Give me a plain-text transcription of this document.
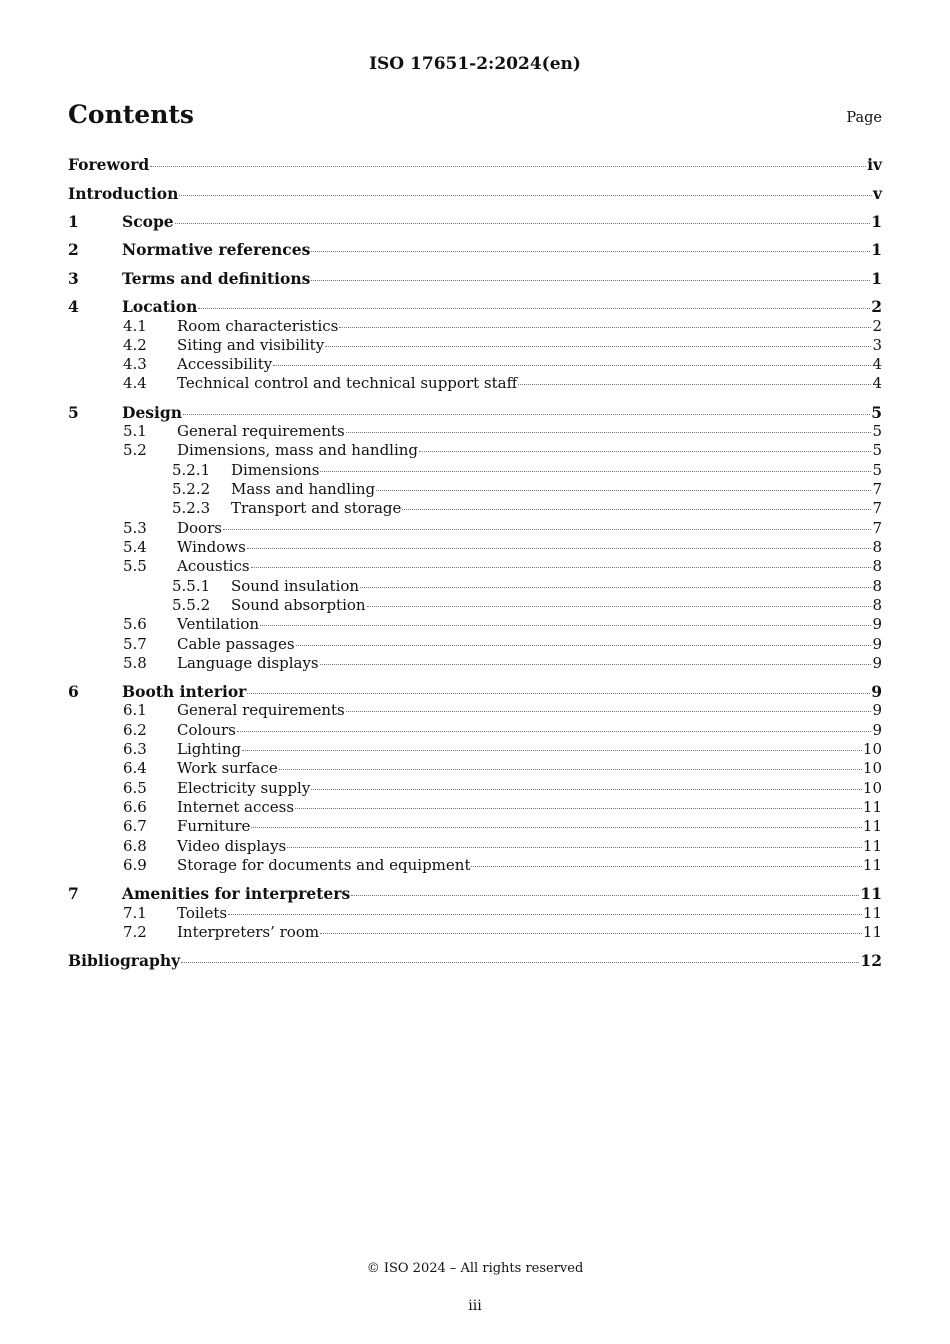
ISO 17651-2:2024(en)
Contents	Page
Foreword	iv
Introduction	v
1	Scope	1
2	Normative references	1
3	Terms and definitions	1
4	Location	2
4.1	Room characteristics	2
4.2	Siting and visibility	3
4.3	Accessibility	4
4.4	Technical control and technical support staff	4
5	Design	5
5.1	General requirements	5
5.2	Dimensions, mass and handling	5
5.2.1	Dimensions	5
5.2.2	Mass and handling	7
5.2.3	Transport and storage	7
5.3	Doors	7
5.4	Windows	8
5.5	Acoustics	8
5.5.1	Sound insulation	8
5.5.2	Sound absorption	8
5.6	Ventilation	9
5.7	Cable passages	9
5.8	Language displays	9
6	Booth interior	9
6.1	General requirements	9
6.2	Colours	9
6.3	Lighting	10
6.4	Work surface	10
6.5	Electricity supply	10
6.6	Internet access	11
6.7	Furniture	11
6.8	Video displays	11
6.9	Storage for documents and equipment	11
7	Amenities for interpreters	11
7.1	Toilets	11
7.2	Interpreters’ room	11
Bibliography	12
© ISO 2024 – All rights reserved
iii
